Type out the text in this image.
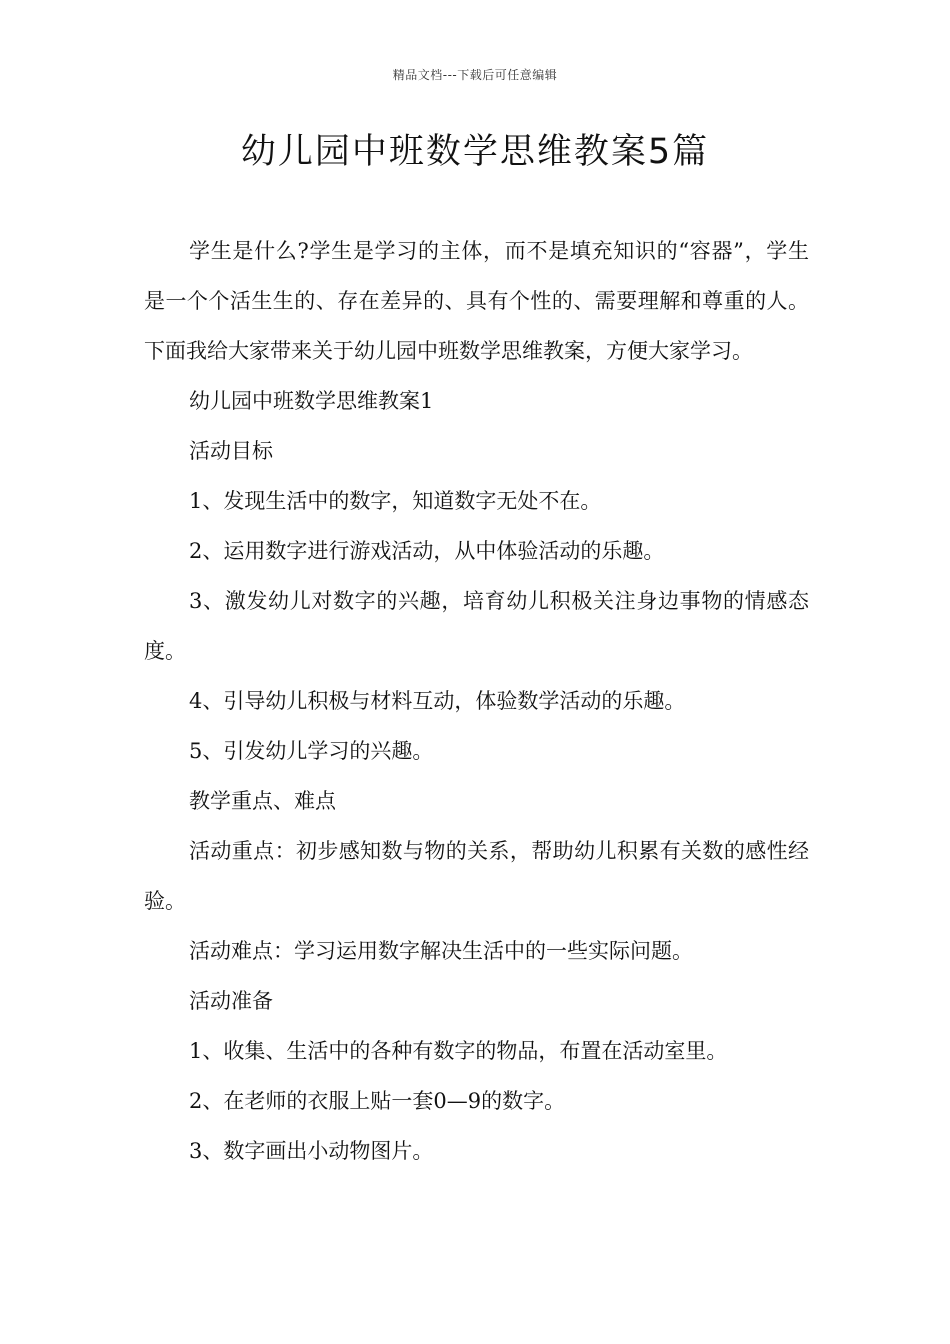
精品文档---下载后可任意编辑
幼儿园中班数学思维教案5篇

学生是什么?学生是学习的主体，而不是填充知识的“容器”，学生是一个个活生生的、存在差异的、具有个性的、需要理解和尊重的人。下面我给大家带来关于幼儿园中班数学思维教案，方便大家学习。

幼儿园中班数学思维教案1

活动目标

1、发现生活中的数字，知道数字无处不在。

2、运用数字进行游戏活动，从中体验活动的乐趣。

3、激发幼儿对数字的兴趣，培育幼儿积极关注身边事物的情感态度。

4、引导幼儿积极与材料互动，体验数学活动的乐趣。

5、引发幼儿学习的兴趣。

教学重点、难点

活动重点：初步感知数与物的关系，帮助幼儿积累有关数的感性经验。

活动难点：学习运用数字解决生活中的一些实际问题。

活动准备

1、收集、生活中的各种有数字的物品，布置在活动室里。

2、在老师的衣服上贴一套0—9的数字。

3、数字画出小动物图片。
